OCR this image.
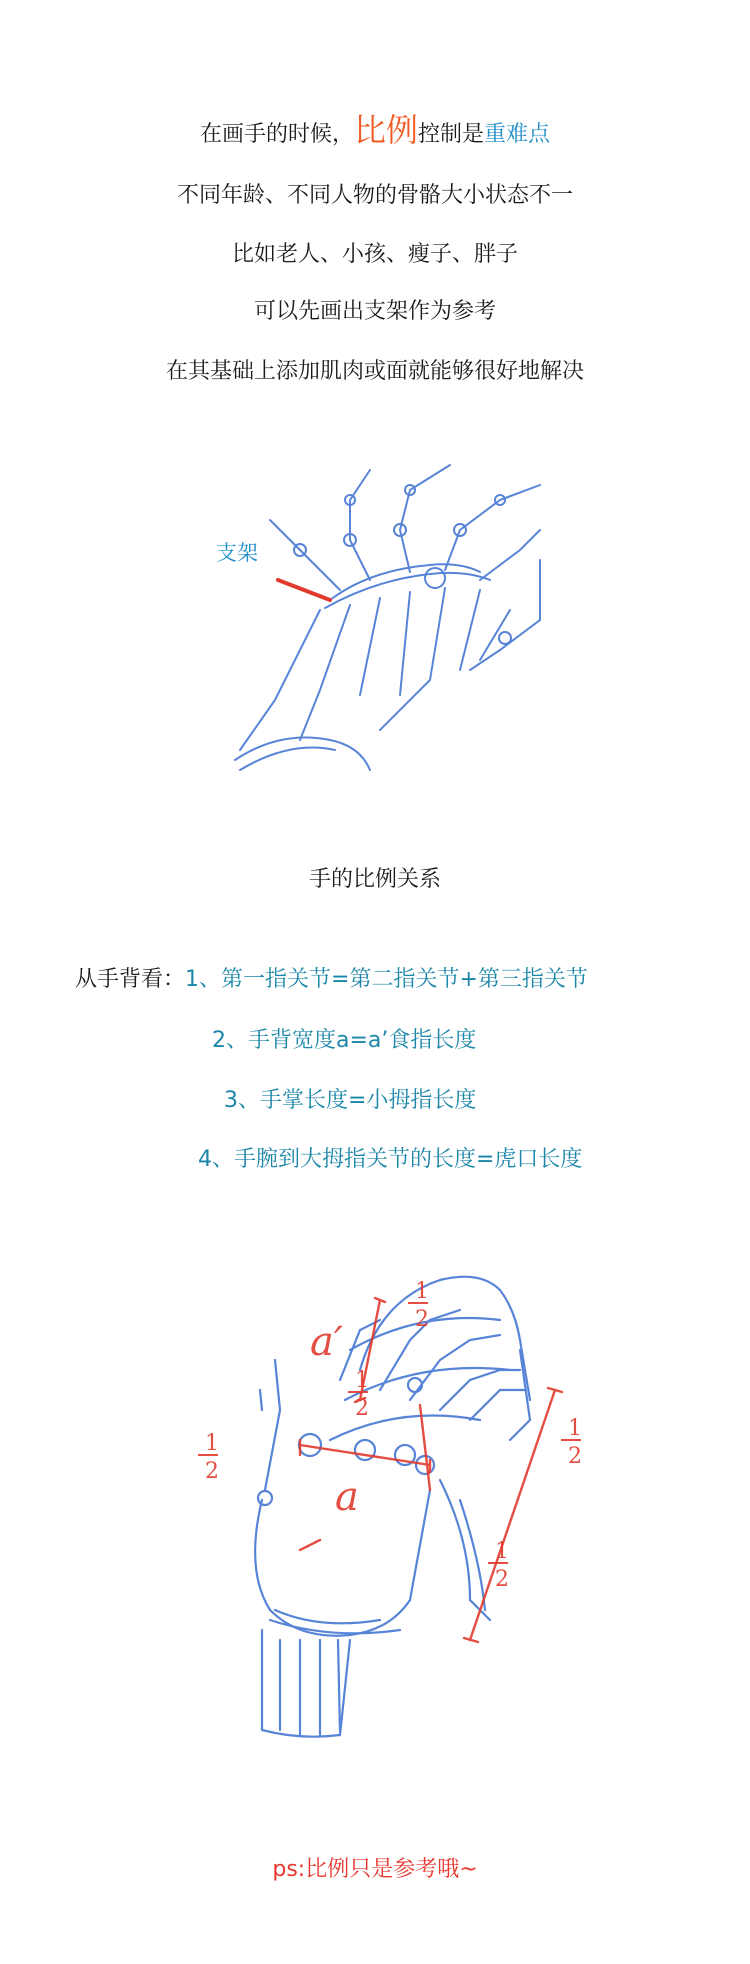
在画手的时候，比例控制是重难点
不同年龄、不同人物的骨骼大小状态不一
比如老人、小孩、瘦子、胖子
可以先画出支架作为参考
在其基础上添加肌肉或面就能够很好地解决
支架
手的比例关系
从手背看：1、第一指关节=第二指关节+第三指关节
2、手背宽度a=a’食指长度
3、手掌长度=小拇指长度
4、手腕到大拇指关节的长度=虎口长度
a′
a
1
2
1
2
1
2
1
2
1
2
ps:比例只是参考哦~
